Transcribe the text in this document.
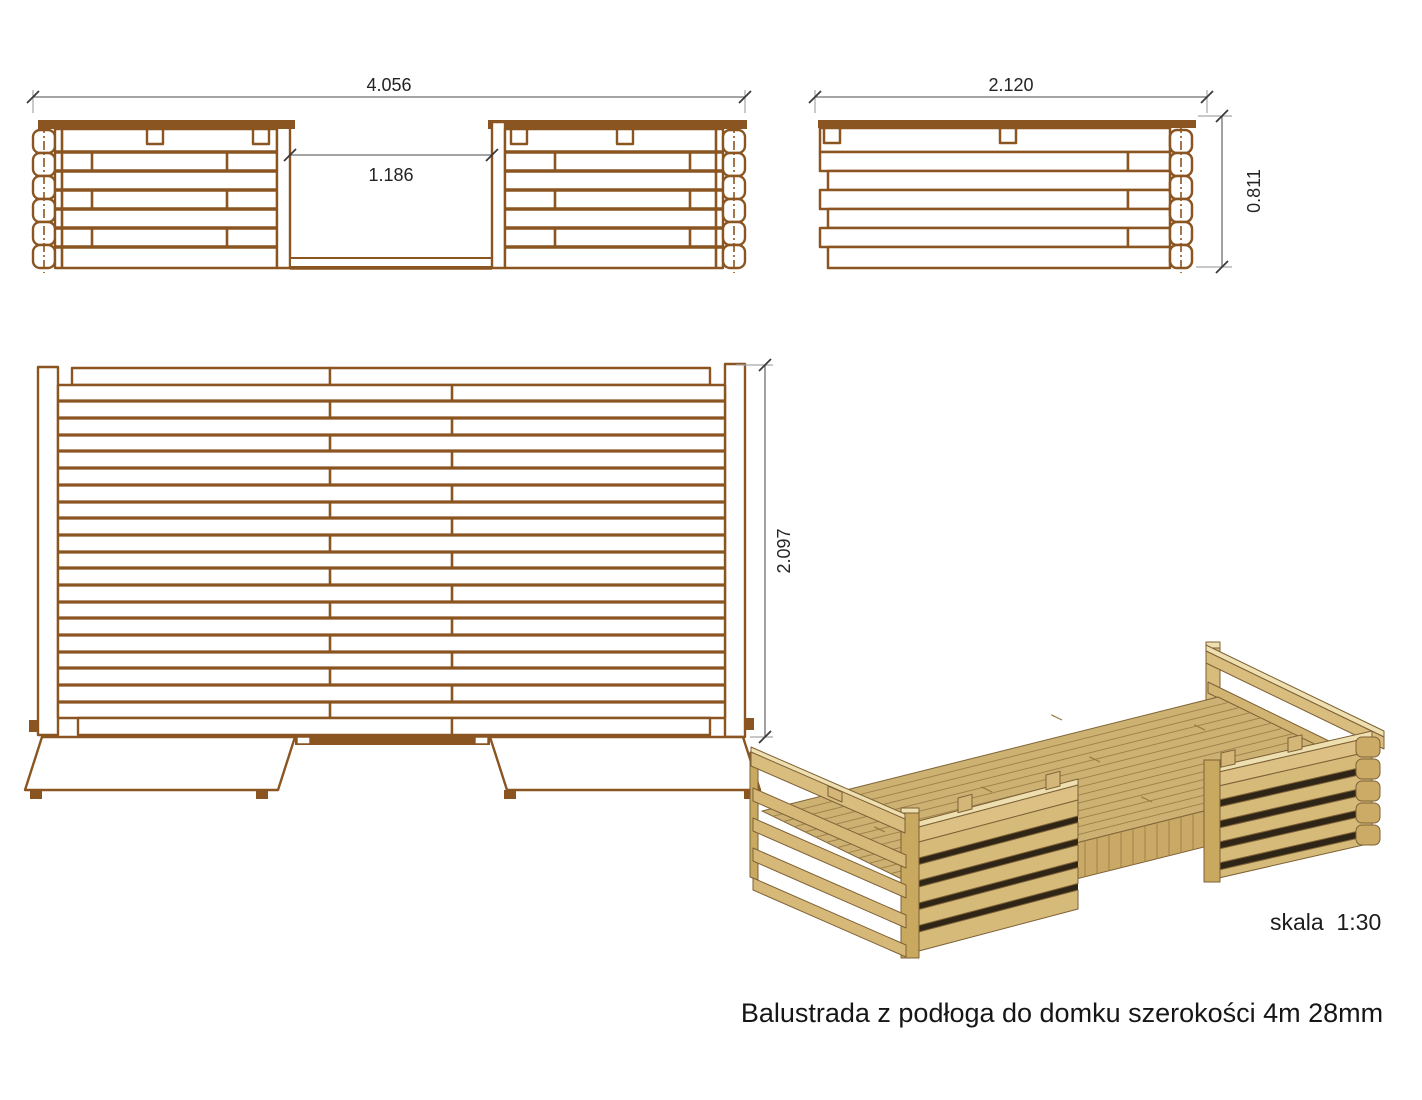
4.056
1.186
2.120
0.811
2.097
skala  1:30
Balustrada z podłoga do domku szerokości 4m 28mm
